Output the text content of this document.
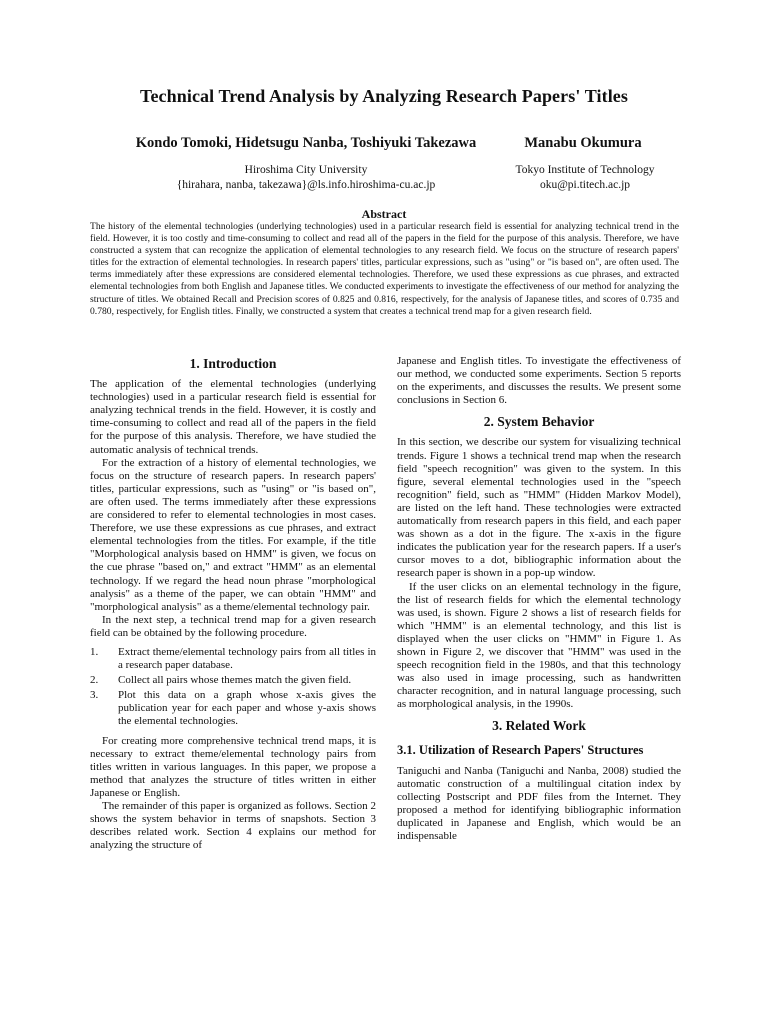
Technical Trend Analysis by Analyzing Research Papers' Titles
Kondo Tomoki, Hidetsugu Nanba, Toshiyuki Takezawa	Manabu Okumura
Hiroshima City University
{hirahara, nanba, takezawa}@ls.info.hiroshima-cu.ac.jp
Tokyo Institute of Technology
oku@pi.titech.ac.jp
Abstract

The history of the elemental technologies (underlying technologies) used in a particular research field is essential for analyzing technical trend in the field. However, it is too costly and time-consuming to collect and read all of the papers in the field for the purpose of this analysis. Therefore, we have constructed a system that can recognize the application of elemental technologies to any research field. We focus on the structure of research papers' titles for the extraction of elemental technologies. In research papers' titles, particular expressions, such as "using" or "is based on", are often used. The terms immediately after these expressions are considered elemental technologies. Therefore, we used these expressions as cue phrases, and extracted elemental technologies from both English and Japanese titles. We conducted experiments to investigate the effectiveness of our method for analyzing the structure of titles. We obtained Recall and Precision scores of 0.825 and 0.816, respectively, for the analysis of Japanese titles, and scores of 0.735 and 0.780, respectively, for English titles. Finally, we constructed a system that creates a technical trend map for a given research field.

1. Introduction

The application of the elemental technologies (underlying technologies) used in a particular research field is essential for analyzing technical trends in the field. However, it is costly and time-consuming to collect and read all of the papers in the field for the purpose of this analysis. Therefore, we have studied the automatic analysis of technical trends.

For the extraction of a history of elemental technologies, we focus on the structure of research papers. In research papers' titles, particular expressions, such as "using" or "is based on", are often used. The terms immediately after these expressions are considered to refer to elemental technologies in most cases. Therefore, we use these expressions as cue phrases, and extract elemental technologies from the titles. For example, if the title "Morphological analysis based on HMM" is given, we focus on the cue phrase "based on," and extract "HMM" as an elemental technology. If we regard the head noun phrase "morphological analysis" as a theme of the paper, we can obtain "HMM" and "morphological analysis" as a theme/elemental technology pair.

In the next step, a technical trend map for a given research field can be obtained by the following procedure.

1.	Extract theme/elemental technology pairs from all titles in a research paper database.
2.	Collect all pairs whose themes match the given field.
3.	Plot this data on a graph whose x-axis gives the publication year for each paper and whose y-axis shows the elemental technologies.

For creating more comprehensive technical trend maps, it is necessary to extract theme/elemental technology pairs from titles written in various languages. In this paper, we propose a method that analyzes the structure of titles written in either Japanese or English.

The remainder of this paper is organized as follows. Section 2 shows the system behavior in terms of snapshots. Section 3 describes related work. Section 4 explains our method for analyzing the structure of

Japanese and English titles. To investigate the effectiveness of our method, we conducted some experiments. Section 5 reports on the experiments, and discusses the results. We present some conclusions in Section 6.

2. System Behavior

In this section, we describe our system for visualizing technical trends. Figure 1 shows a technical trend map when the research field "speech recognition" was given to the system. In this figure, several elemental technologies used in the "speech recognition" field, such as "HMM" (Hidden Markov Model), are listed on the left hand. These technologies were extracted automatically from research papers in this field, and each paper was shown as a dot in the figure. The x-axis in the figure indicates the publication year for the research papers. If a user's cursor moves to a dot, bibliographic information about the research paper is shown in a pop-up window.

If the user clicks on an elemental technology in the figure, the list of research fields for which the elemental technology was used, is shown. Figure 2 shows a list of research fields for which "HMM" is an elemental technology, and this list is displayed when the user clicks on "HMM" in Figure 1. As shown in Figure 2, we discover that "HMM" was used in the speech recognition field in the 1980s, and that this technology was also used in image processing, such as handwritten character recognition, and in natural language processing, such as morphological analysis, in the 1990s.

3. Related Work
3.1. Utilization of Research Papers' Structures

Taniguchi and Nanba (Taniguchi and Nanba, 2008) studied the automatic construction of a multilingual citation index by collecting Postscript and PDF files from the Internet. They proposed a method for identifying bibliographic information duplicated in Japanese and English, which would be an indispensable
